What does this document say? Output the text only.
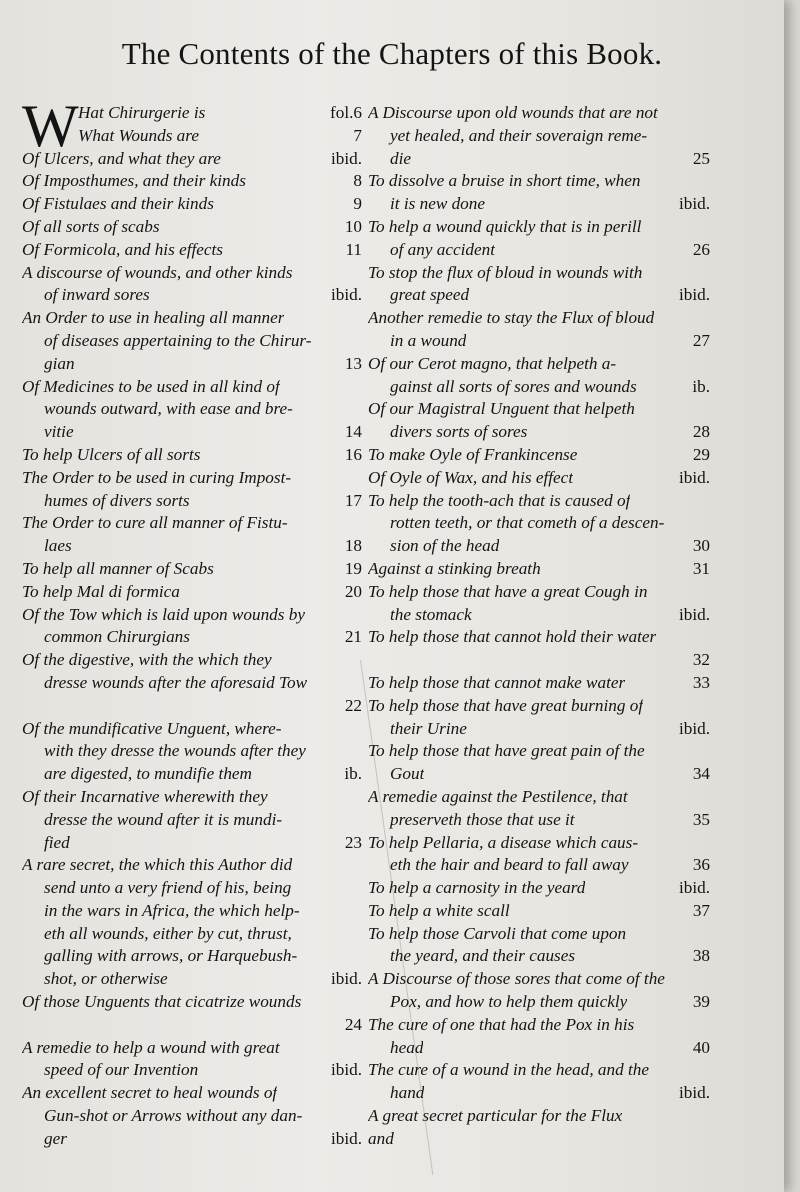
The Contents of the Chapters of this Book.
W Hat Chirurgerie is	fol.6
What Wounds are	7
Of Ulcers, and what they are	ibid.
Of Imposthumes, and their kinds	8
Of Fistulaes and their kinds	9
Of all sorts of scabs	10
Of Formicola, and his effects	11
A discourse of wounds, and other kinds
of inward sores	ibid.
An Order to use in healing all manner
of diseases appertaining to the Chirur-
gian	13
Of Medicines to be used in all kind of
wounds outward, with ease and bre-
vitie	14
To help Ulcers of all sorts	16
The Order to be used in curing Impost-
humes of divers sorts	17
The Order to cure all manner of Fistu-
laes	18
To help all manner of Scabs	19
To help Mal di formica	20
Of the Tow which is laid upon wounds by
common Chirurgians	21
Of the digestive, with the which they
dresse wounds after the aforesaid Tow
22
Of the mundificative Unguent, where-
with they dresse the wounds after they
are digested, to mundifie them	ib.
Of their Incarnative wherewith they
dresse the wound after it is mundi-
fied	23
A rare secret, the which this Author did
send unto a very friend of his, being
in the wars in Africa, the which help-
eth all wounds, either by cut, thrust,
galling with arrows, or Harquebush-
shot, or otherwise	ibid.
Of those Unguents that cicatrize wounds
24
A remedie to help a wound with great
speed of our Invention	ibid.
An excellent secret to heal wounds of
Gun-shot or Arrows without any dan-
ger	ibid.
A Discourse upon old wounds that are not
yet healed, and their soveraign reme-
die	25
To dissolve a bruise in short time, when
it is new done	ibid.
To help a wound quickly that is in perill
of any accident	26
To stop the flux of bloud in wounds with
great speed	ibid.
Another remedie to stay the Flux of bloud
in a wound	27
Of our Cerot magno, that helpeth a-
gainst all sorts of sores and wounds	ib.
Of our Magistral Unguent that helpeth
divers sorts of sores	28
To make Oyle of Frankincense	29
Of Oyle of Wax, and his effect	ibid.
To help the tooth-ach that is caused of
rotten teeth, or that cometh of a descen-
sion of the head	30
Against a stinking breath	31
To help those that have a great Cough in
the stomack	ibid.
To help those that cannot hold their water
32
To help those that cannot make water	33
To help those that have great burning of
their Urine	ibid.
To help those that have great pain of the
Gout	34
A remedie against the Pestilence, that
preserveth those that use it	35
To help Pellaria, a disease which caus-
eth the hair and beard to fall away	36
To help a carnosity in the yeard	ibid.
To help a white scall	37
To help those Carvoli that come upon
the yeard, and their causes	38
A Discourse of those sores that come of the
Pox, and how to help them quickly	39
The cure of one that had the Pox in his
head	40
The cure of a wound in the head, and the
hand	ibid.
A great secret particular for the Flux
and
